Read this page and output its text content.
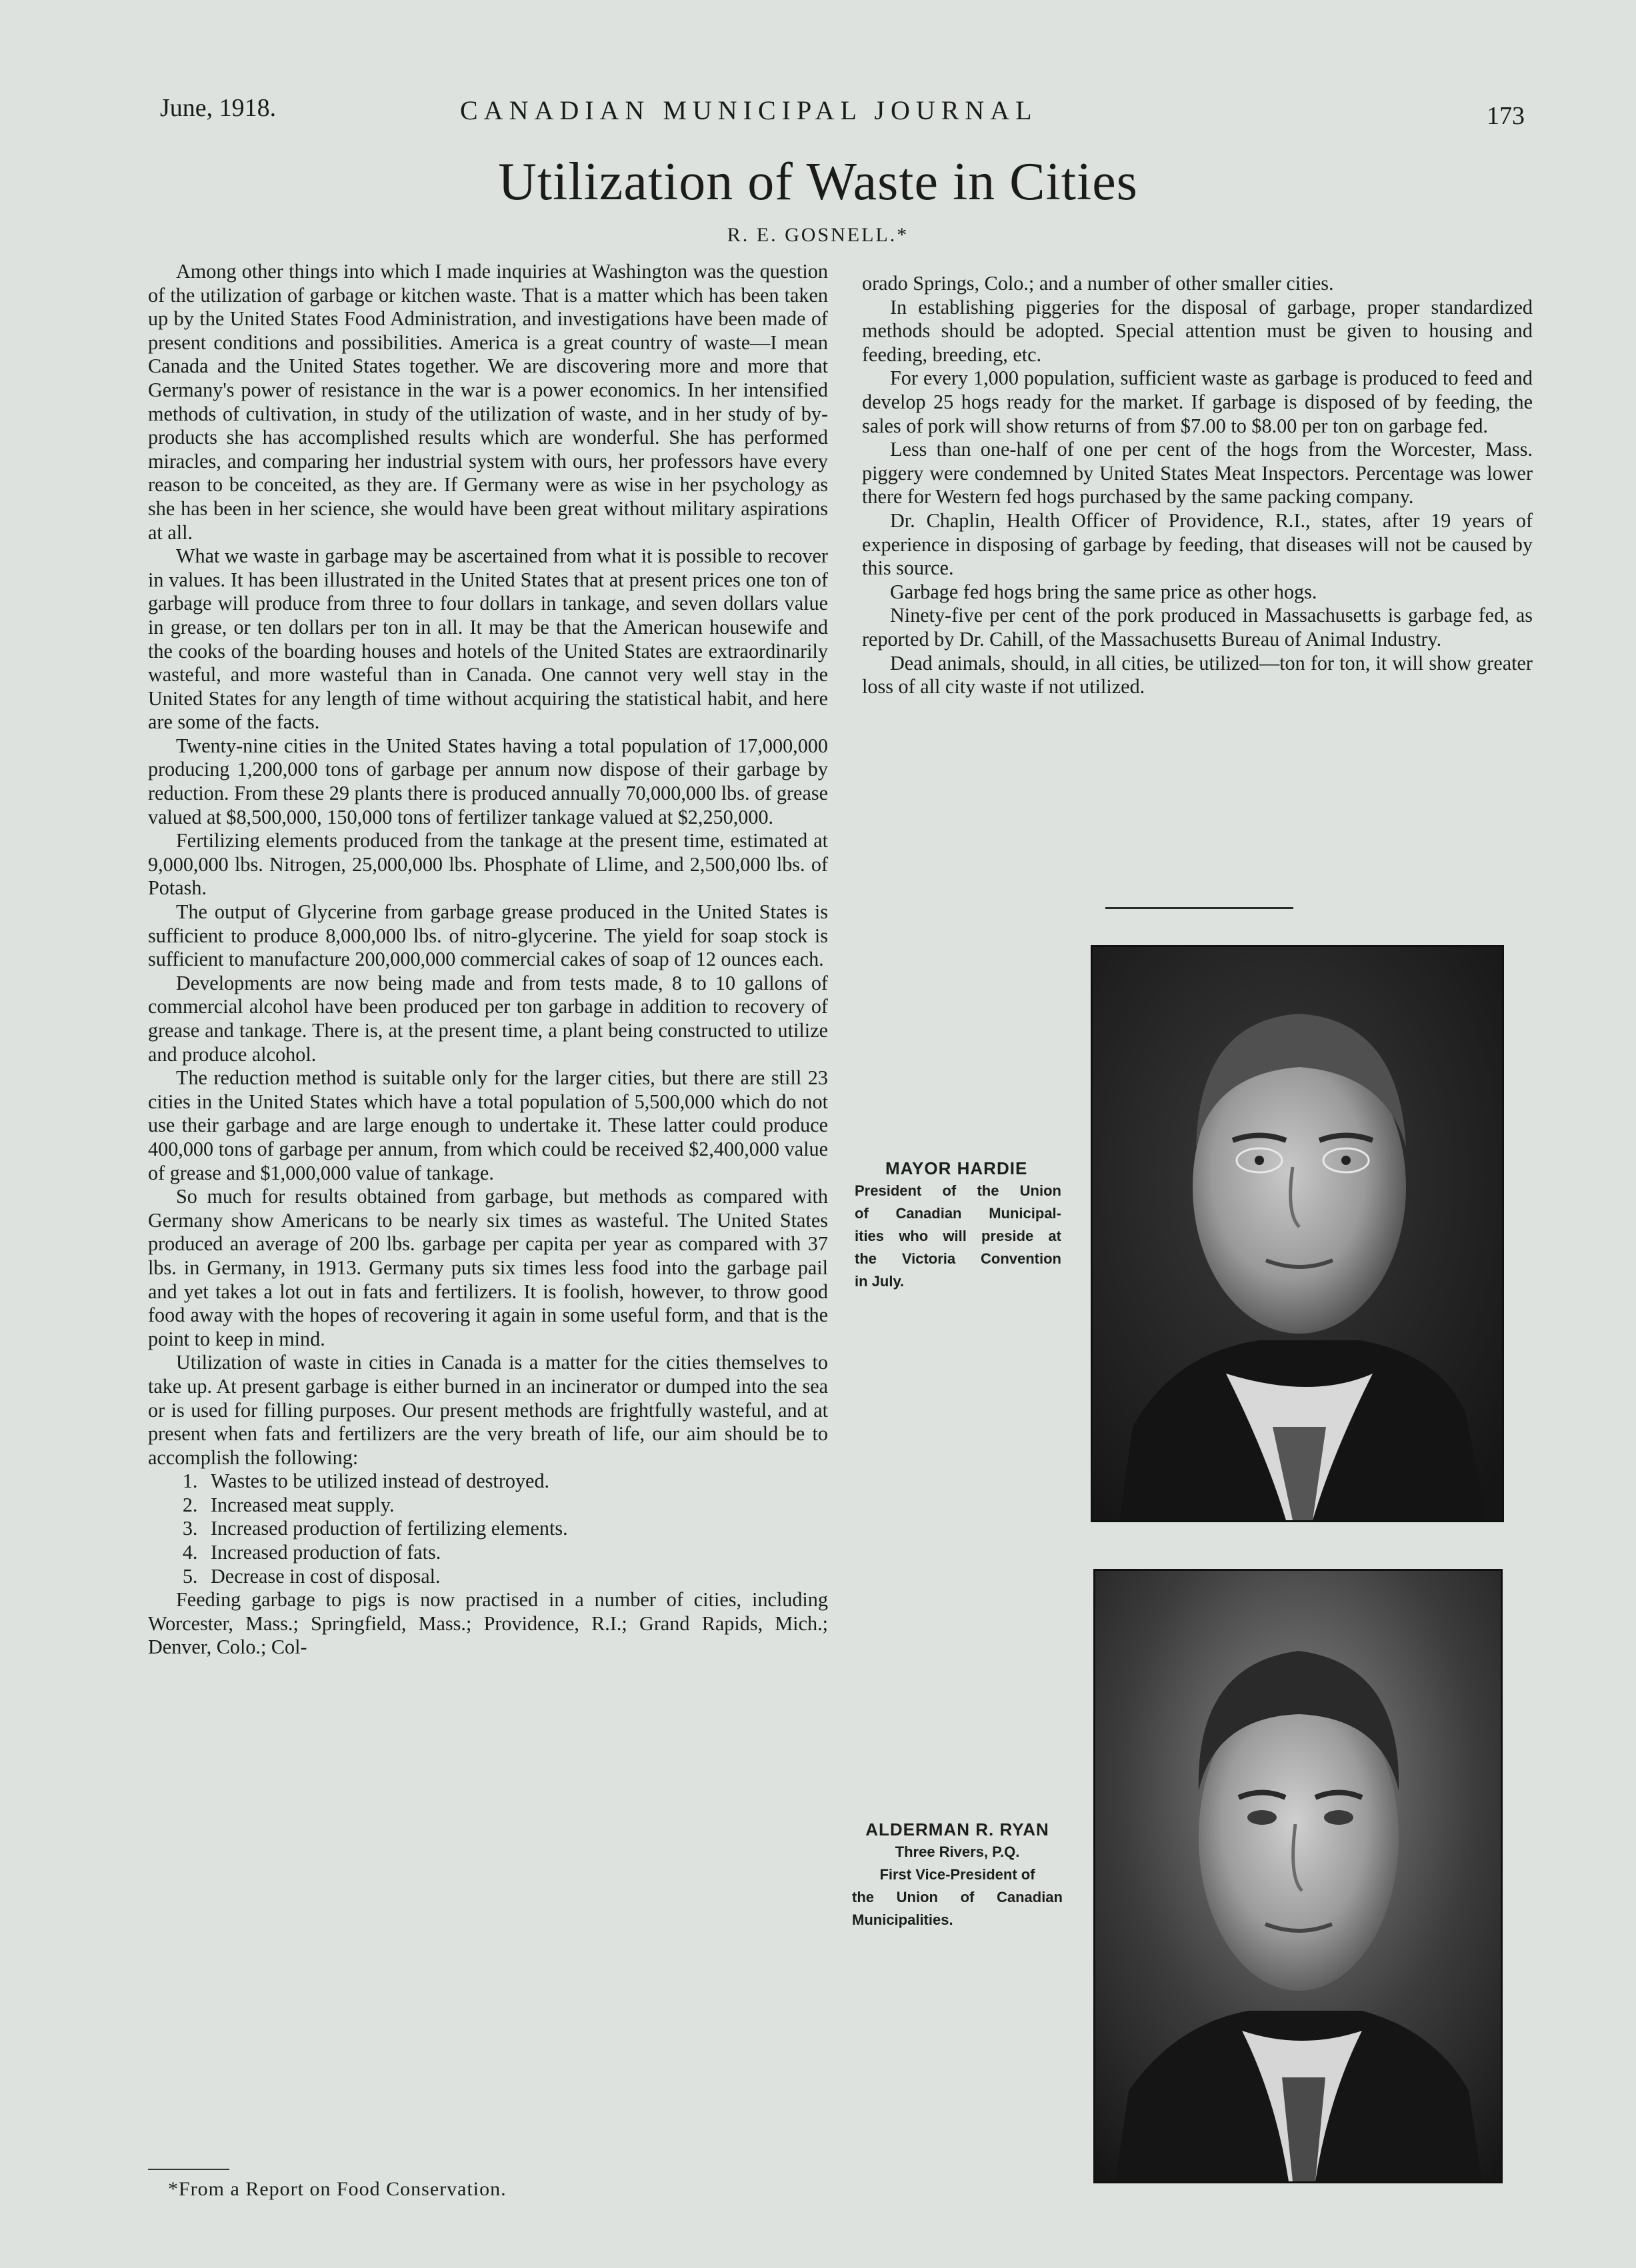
June, 1918.	CANADIAN MUNICIPAL JOURNAL	173
Utilization of Waste in Cities
R. E. GOSNELL.*

Among other things into which I made inquiries at Washington was the question of the utilization of garbage or kitchen waste. That is a matter which has been taken up by the United States Food Administration, and investigations have been made of present conditions and possibilities. America is a great country of waste—I mean Canada and the United States together. We are discovering more and more that Germany's power of resistance in the war is a power economics. In her intensified methods of cultivation, in study of the utilization of waste, and in her study of by-products she has accomplished results which are wonderful. She has performed miracles, and comparing her industrial system with ours, her professors have every reason to be conceited, as they are. If Germany were as wise in her psychology as she has been in her science, she would have been great without military aspirations at all.

What we waste in garbage may be ascertained from what it is possible to recover in values. It has been illustrated in the United States that at present prices one ton of garbage will produce from three to four dollars in tankage, and seven dollars value in grease, or ten dollars per ton in all. It may be that the American housewife and the cooks of the boarding houses and hotels of the United States are extraordinarily wasteful, and more wasteful than in Canada. One cannot very well stay in the United States for any length of time without acquiring the statistical habit, and here are some of the facts.

Twenty-nine cities in the United States having a total population of 17,000,000 producing 1,200,000 tons of garbage per annum now dispose of their garbage by reduction. From these 29 plants there is produced annually 70,000,000 lbs. of grease valued at $8,500,000, 150,000 tons of fertilizer tankage valued at $2,250,000.

Fertilizing elements produced from the tankage at the present time, estimated at 9,000,000 lbs. Nitrogen, 25,000,000 lbs. Phosphate of Llime, and 2,500,000 lbs. of Potash.

The output of Glycerine from garbage grease produced in the United States is sufficient to produce 8,000,000 lbs. of nitro-glycerine. The yield for soap stock is sufficient to manufacture 200,000,000 commercial cakes of soap of 12 ounces each.

Developments are now being made and from tests made, 8 to 10 gallons of commercial alcohol have been produced per ton garbage in addition to recovery of grease and tankage. There is, at the present time, a plant being constructed to utilize and produce alcohol.

The reduction method is suitable only for the larger cities, but there are still 23 cities in the United States which have a total population of 5,500,000 which do not use their garbage and are large enough to undertake it. These latter could produce 400,000 tons of garbage per annum, from which could be received $2,400,000 value of grease and $1,000,000 value of tankage.

So much for results obtained from garbage, but methods as compared with Germany show Americans to be nearly six times as wasteful. The United States produced an average of 200 lbs. garbage per capita per year as compared with 37 lbs. in Germany, in 1913. Germany puts six times less food into the garbage pail and yet takes a lot out in fats and fertilizers. It is foolish, however, to throw good food away with the hopes of recovering it again in some useful form, and that is the point to keep in mind.

Utilization of waste in cities in Canada is a matter for the cities themselves to take up. At present garbage is either burned in an incinerator or dumped into the sea or is used for filling purposes. Our present methods are frightfully wasteful, and at present when fats and fertilizers are the very breath of life, our aim should be to accomplish the following:

1. Wastes to be utilized instead of destroyed.
2. Increased meat supply.
3. Increased production of fertilizing elements.
4. Increased production of fats.
5. Decrease in cost of disposal.

Feeding garbage to pigs is now practised in a number of cities, including Worcester, Mass.; Springfield, Mass.; Providence, R.I.; Grand Rapids, Mich.; Denver, Colo.; Col-

orado Springs, Colo.; and a number of other smaller cities.

In establishing piggeries for the disposal of garbage, proper standardized methods should be adopted. Special attention must be given to housing and feeding, breeding, etc.

For every 1,000 population, sufficient waste as garbage is produced to feed and develop 25 hogs ready for the market. If garbage is disposed of by feeding, the sales of pork will show returns of from $7.00 to $8.00 per ton on garbage fed.

Less than one-half of one per cent of the hogs from the Worcester, Mass. piggery were condemned by United States Meat Inspectors. Percentage was lower there for Western fed hogs purchased by the same packing company.

Dr. Chaplin, Health Officer of Providence, R.I., states, after 19 years of experience in disposing of garbage by feeding, that diseases will not be caused by this source.

Garbage fed hogs bring the same price as other hogs.

Ninety-five per cent of the pork produced in Massachusetts is garbage fed, as reported by Dr. Cahill, of the Massachusetts Bureau of Animal Industry.

Dead animals, should, in all cities, be utilized—ton for ton, it will show greater loss of all city waste if not utilized.

MAYOR HARDIE
President of the Union
of Canadian Municipal-
ities who will preside at
the Victoria Convention
in July.
ALDERMAN R. RYAN
Three Rivers, P.Q.
First Vice-President of
the Union of Canadian
Municipalities.
*From a Report on Food Conservation.
